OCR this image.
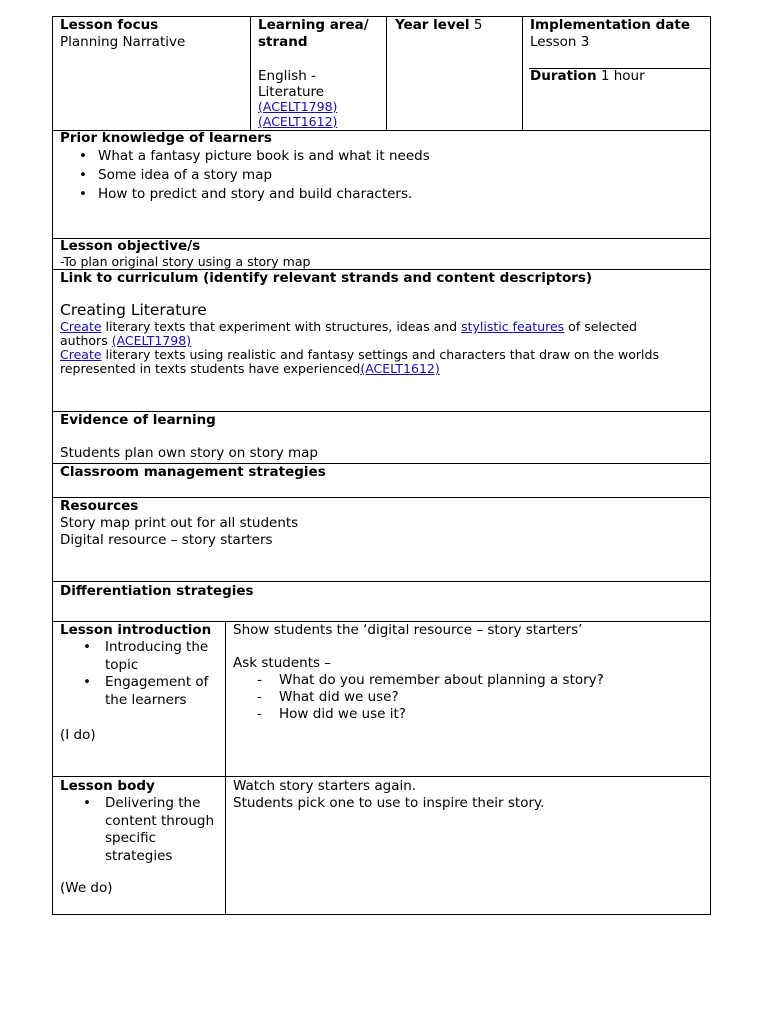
Lesson focus
Planning Narrative
Learning area/
strand
English -
Literature
(ACELT1798)
(ACELT1612)
Year level 5	Implementation date
Lesson 3
Duration 1 hour
Prior knowledge of learners
• What a fantasy picture book is and what it needs
• Some idea of a story map
• How to predict and story and build characters.
Lesson objective/s
-To plan original story using a story map
Link to curriculum (identify relevant strands and content descriptors)
Creating Literature
Create literary texts that experiment with structures, ideas and stylistic features of selected
authors (ACELT1798)
Create literary texts using realistic and fantasy settings and characters that draw on the worlds
represented in texts students have experienced(ACELT1612)
Evidence of learning
Students plan own story on story map
Classroom management strategies
Resources
Story map print out for all students
Digital resource – story starters
Differentiation strategies
Lesson introduction
• Introducing the
topic
• Engagement of
the learners
(I do)
Show students the ‘digital resource – story starters’
Ask students –
- What do you remember about planning a story?
- What did we use?
- How did we use it?
Lesson body
• Delivering the
content through
specific
strategies
(We do)
Watch story starters again.
Students pick one to use to inspire their story.
